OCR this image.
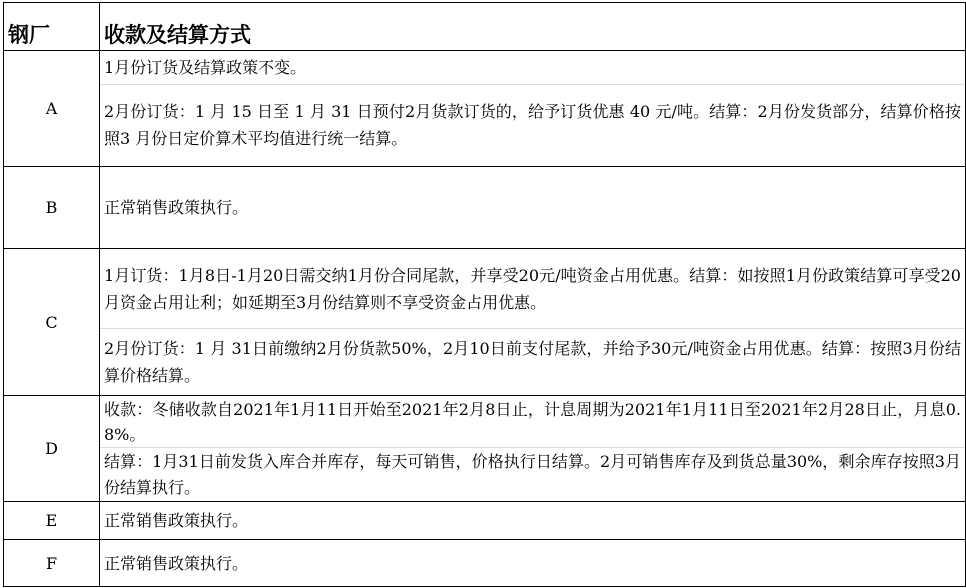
钢厂	收款及结算方式
A	1月份订货及结算政策不变。
2月份订货：1 月 15 日至 1 月 31 日预付2月货款订货的，给予订货优惠 40 元/吨。结算：2月份发货部分，结算价格按照3 月份日定价算术平均值进行统一结算。

B	正常销售政策执行。

C	1月订货：1月8日-1月20日需交纳1月份合同尾款，并享受20元/吨资金占用优惠。结算：如按照1月份政策结算可享受20月资金占用让利；如延期至3月份结算则不享受资金占用优惠。
2月份订货：1 月 31日前缴纳2月份货款50%，2月10日前支付尾款，并给予30元/吨资金占用优惠。结算：按照3月份结算价格结算。

D	收款：冬储收款自2021年1月11日开始至2021年2月8日止，计息周期为2021年1月11日至2021年2月28日止，月息0.8%。
结算：1月31日前发货入库合并库存，每天可销售，价格执行日结算。2月可销售库存及到货总量30%，剩余库存按照3月份结算执行。

E	正常销售政策执行。

F	正常销售政策执行。
